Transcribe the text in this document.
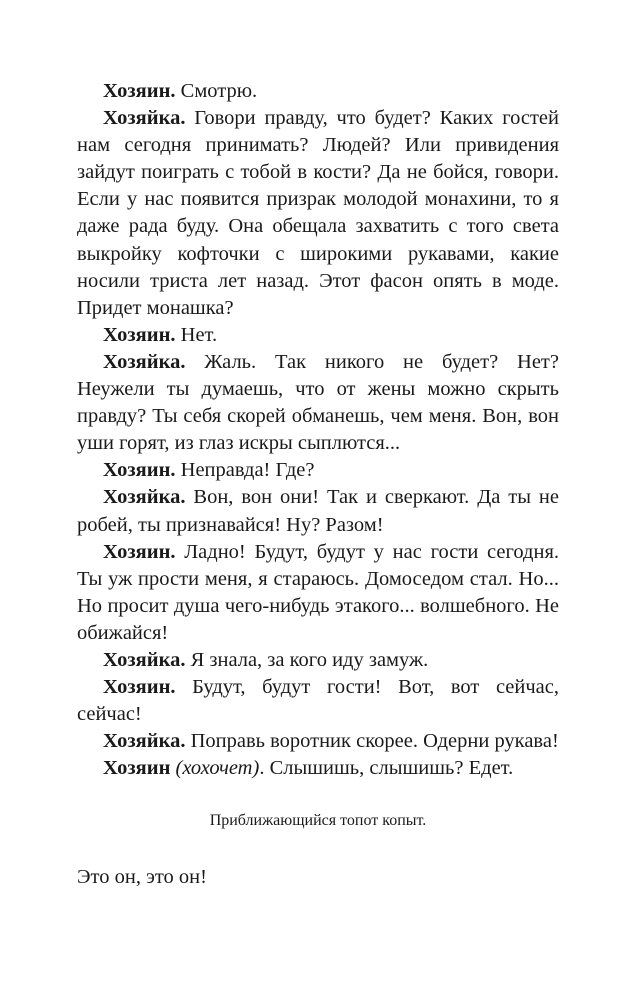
Хозяин. Смотрю.

Хозяйка. Говори правду, что будет? Каких гостей нам сегодня принимать? Людей? Или привидения зайдут поиграть с тобой в кости? Да не бойся, говори. Если у нас появится призрак молодой монахини, то я даже рада буду. Она обещала захватить с того света выкройку кофточки с широкими рукавами, какие носили триста лет назад. Этот фасон опять в моде. Придет монашка?

Хозяин. Нет.

Хозяйка. Жаль. Так никого не будет? Нет? Неужели ты думаешь, что от жены можно скрыть правду? Ты себя скорей обманешь, чем меня. Вон, вон уши горят, из глаз искры сыплются...

Хозяин. Неправда! Где?

Хозяйка. Вон, вон они! Так и сверкают. Да ты не робей, ты признавайся! Ну? Разом!

Хозяин. Ладно! Будут, будут у нас гости сегодня. Ты уж прости меня, я стараюсь. Домоседом стал. Но... Но просит душа чего-нибудь этакого... волшебного. Не обижайся!

Хозяйка. Я знала, за кого иду замуж.

Хозяин. Будут, будут гости! Вот, вот сейчас, сейчас!

Хозяйка. Поправь воротник скорее. Одерни рукава!

Хозяин (хохочет). Слышишь, слышишь? Едет.

Приближающийся топот копыт.

Это он, это он!
